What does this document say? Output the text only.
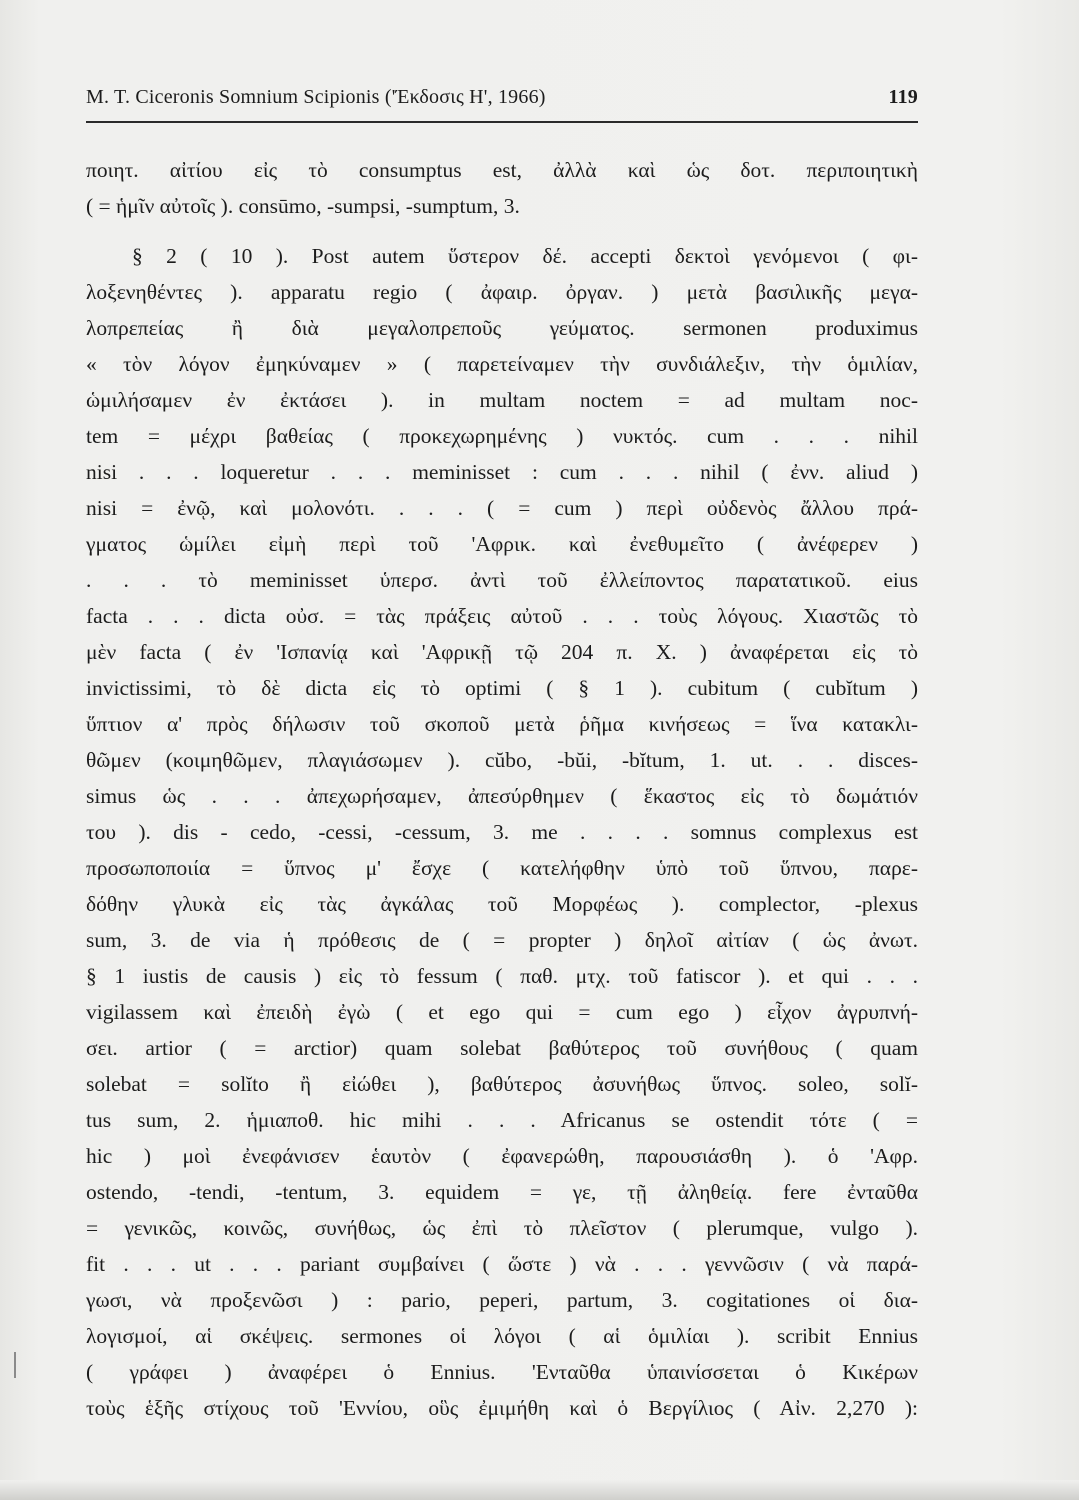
M. T. Ciceronis Somnium Scipionis ('Έκδοσις Η', 1966)	119
ποιητ. αἰτίου εἰς τὸ consumptus est, ἀλλὰ καὶ ὡς δοτ. περιποιητικὴ
( = ἡμῖν αὐτοῖς ). consūmo, -sumpsi, -sumptum, 3.
§ 2 ( 10 ). Post autem ὕστερον δέ. accepti δεκτοὶ γενόμενοι ( φι-
λοξενηθέντες ). apparatu regio ( ἀφαιρ. ὀργαν. ) μετὰ βασιλικῆς μεγα-
λοπρεπείας ἢ διὰ μεγαλοπρεποῦς γεύματος. sermonen produximus
« τὸν λόγον ἐμηκύναμεν » ( παρετείναμεν τὴν συνδιάλεξιν, τὴν ὁμιλίαν,
ὡμιλήσαμεν ἐν ἐκτάσει ). in multam noctem = ad multam noc-
tem = μέχρι βαθείας ( προκεχωρημένης ) νυκτός. cum . . . nihil
nisi . . . loqueretur . . . meminisset : cum . . . nihil ( ἐνν. aliud )
nisi = ἐνῷ, καὶ μολονότι. . . . ( = cum ) περὶ οὐδενὸς ἄλλου πρά-
γματος ὡμίλει εἰμὴ περὶ τοῦ 'Αφρικ. καὶ ἐνεθυμεῖτο ( ἀνέφερεν )
. . . τὸ meminisset ὑπερσ. ἀντὶ τοῦ ἐλλείποντος παρατατικοῦ. eius
facta . . . dicta οὐσ. = τὰς πράξεις αὐτοῦ . . . τοὺς λόγους. Χιαστῶς τὸ
μὲν facta ( ἐν 'Ισπανίᾳ καὶ 'Αφρικῇ τῷ 204 π. Χ. ) ἀναφέρεται εἰς τὸ
invictissimi, τὸ δὲ dicta εἰς τὸ optimi ( § 1 ). cubitum ( cubĭtum )
ὕπτιον α' πρὸς δήλωσιν τοῦ σκοποῦ μετὰ ῥῆμα κινήσεως = ἵνα κατακλι-
θῶμεν (κοιμηθῶμεν, πλαγιάσωμεν ). cŭbo, -bŭi, -bĭtum, 1. ut. . . disces-
simus ὡς . . . ἀπεχωρήσαμεν, ἀπεσύρθημεν ( ἕκαστος εἰς τὸ δωμάτιόν
του ). dis - cedo, -cessi, -cessum, 3. me . . . . somnus complexus est
προσωποποιία = ὕπνος μ' ἔσχε ( κατελήφθην ὑπὸ τοῦ ὕπνου, παρε-
δόθην γλυκὰ εἰς τὰς ἀγκάλας τοῦ Μορφέως ). complector, -plexus
sum, 3. de via ἡ πρόθεσις de ( = propter ) δηλοῖ αἰτίαν ( ὡς ἀνωτ.
§ 1 iustis de causis ) εἰς τὸ fessum ( παθ. μτχ. τοῦ fatiscor ). et qui . . .
vigilassem καὶ ἐπειδὴ ἐγὼ ( et ego qui = cum ego ) εἶχον ἀγρυπνή-
σει. artior ( = arctior) quam solebat βαθύτερος τοῦ συνήθους ( quam
solebat = solĭto ἢ εἰώθει ), βαθύτερος ἀσυνήθως ὕπνος. soleo, solĭ-
tus sum, 2. ἡμιαποθ. hic mihi . . . Africanus se ostendit τότε ( =
hic ) μοὶ ἐνεφάνισεν ἑαυτὸν ( ἐφανερώθη, παρουσιάσθη ). ὁ 'Αφρ.
ostendo, -tendi, -tentum, 3. equidem = γε, τῇ ἀληθείᾳ. fere ἐνταῦθα
= γενικῶς, κοινῶς, συνήθως, ὡς ἐπὶ τὸ πλεῖστον ( plerumque, vulgo ).
fit . . . ut . . . pariant συμβαίνει ( ὥστε ) νὰ . . . γεννῶσιν ( νὰ παρά-
γωσι, νὰ προξενῶσι ) : pario, peperi, partum, 3. cogitationes οἱ δια-
λογισμοί, αἱ σκέψεις. sermones οἱ λόγοι ( αἱ ὁμιλίαι ). scribit Ennius
( γράφει ) ἀναφέρει ὁ Ennius. 'Ενταῦθα ὑπαινίσσεται ὁ Κικέρων
τοὺς ἑξῆς στίχους τοῦ 'Εννίου, οὓς ἐμιμήθη καὶ ὁ Βεργίλιος ( Αἰν. 2,270 ):
